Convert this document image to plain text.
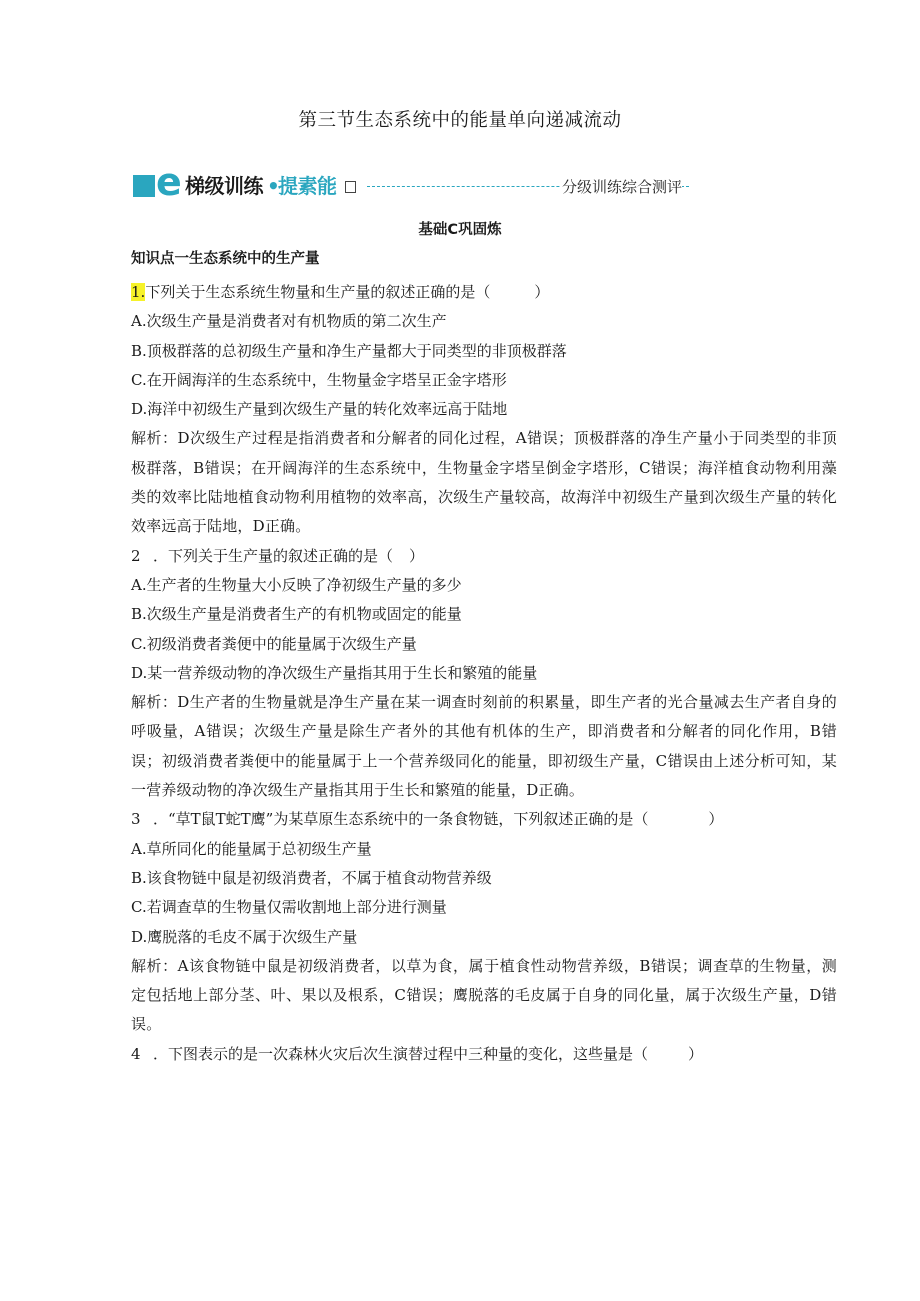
第三节生态系统中的能量单向递减流动
e 梯级训练 •
提素能	分级训练综合测评
基础C巩固炼
知识点一生态系统中的生产量
1.下列关于生态系统生物量和生产量的叙述正确的是（	）
A.次级生产量是消费者对有机物质的第二次生产
B.顶极群落的总初级生产量和净生产量都大于同类型的非顶极群落
C.在开阔海洋的生态系统中，生物量金字塔呈正金字塔形
D.海洋中初级生产量到次级生产量的转化效率远高于陆地
解析：D次级生产过程是指消费者和分解者的同化过程，A错误；顶极群落的净生产量小于同类型的非顶极群落，B错误；在开阔海洋的生态系统中，生物量金字塔呈倒金字塔形，C错误；海洋植食动物利用藻类的效率比陆地植食动物利用植物的效率高，次级生产量较高，故海洋中初级生产量到次级生产量的转化效率远高于陆地，D正确。
2 ．下列关于生产量的叙述正确的是（ ）
A.生产者的生物量大小反映了净初级生产量的多少
B.次级生产量是消费者生产的有机物或固定的能量
C.初级消费者粪便中的能量属于次级生产量
D.某一营养级动物的净次级生产量指其用于生长和繁殖的能量
解析：D生产者的生物量就是净生产量在某一调查时刻前的积累量，即生产者的光合量减去生产者自身的呼吸量，A错误；次级生产量是除生产者外的其他有机体的生产，即消费者和分解者的同化作用，B错误；初级消费者粪便中的能量属于上一个营养级同化的能量，即初级生产量，C错误由上述分析可知，某一营养级动物的净次级生产量指其用于生长和繁殖的能量，D正确。
3 ．“草T鼠T蛇T鹰”为某草原生态系统中的一条食物链，下列叙述正确的是（	）
A.草所同化的能量属于总初级生产量
B.该食物链中鼠是初级消费者，不属于植食动物营养级
C.若调查草的生物量仅需收割地上部分进行测量
D.鹰脱落的毛皮不属于次级生产量
解析：A该食物链中鼠是初级消费者，以草为食，属于植食性动物营养级，B错误；调查草的生物量，测定包括地上部分茎、叶、果以及根系，C错误；鹰脱落的毛皮属于自身的同化量，属于次级生产量，D错误。
4 ．下图表示的是一次森林火灾后次生演替过程中三种量的变化，这些量是（	）
